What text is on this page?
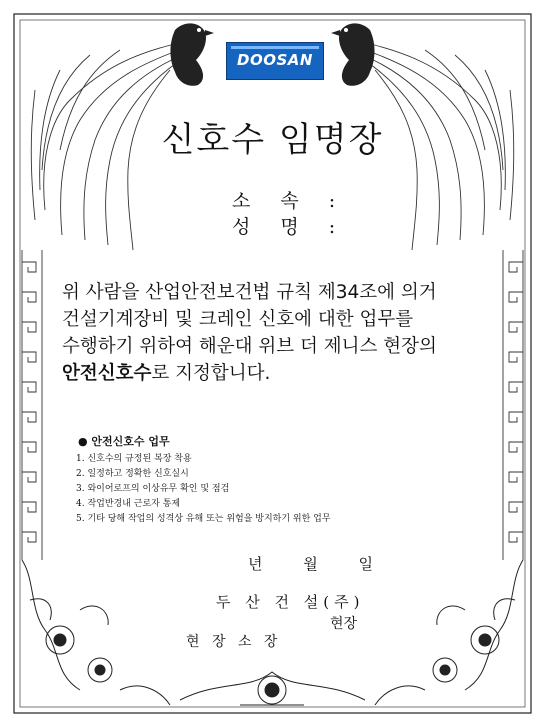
DOOSAN
신호수 임명장
소 속 :
성 명 :
위 사람을 산업안전보건법 규칙 제34조에 의거
건설기계장비 및 크레인 신호에 대한 업무를
수행하기 위하여 해운대 위브 더 제니스 현장의
안전신호수로 지정합니다.
● 안전신호수 업무
1. 신호수의 규정된 복장 착용
2. 일정하고 정확한 신호실시
3. 와이어로프의 이상유무 확인 및 점검
4. 작업반경내 근로자 통제
5. 기타 당해 작업의 성격상 유해 또는 위험을 방지하기 위한 업무
년 월 일
두 산 건 설(주)
현장
현 장 소 장
